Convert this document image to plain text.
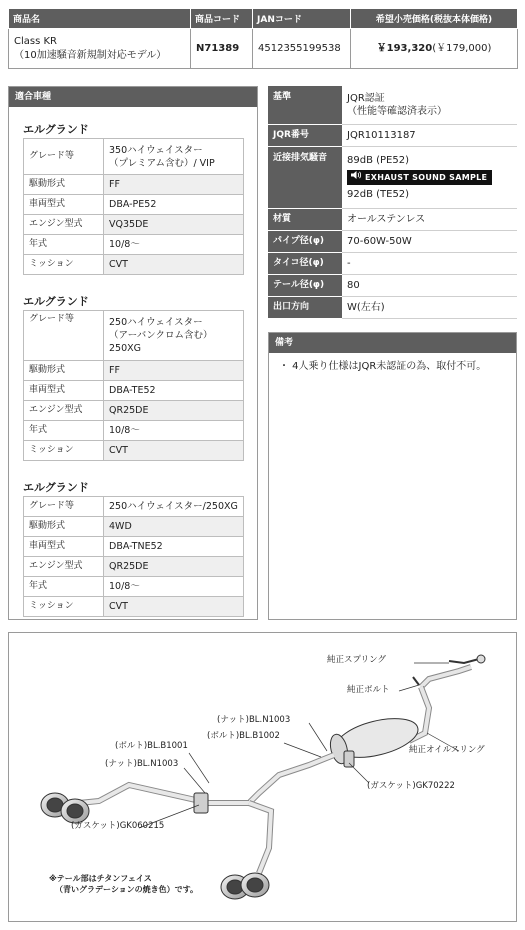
商品名	商品コード	JANコード	希望小売価格(税抜本体価格)

Class KR
（10加速騒音新規制対応モデル）	N71389	4512355199538	￥193,320(￥179,000)
適合車種
エルグランド
グレード等	350ハイウェイスター
（プレミアム含む）/ VIP
駆動形式	FF
車両型式	DBA-PE52
エンジン型式	VQ35DE
年式	10/8～
ミッション	CVT
エルグランド
グレード等	250ハイウェイスター
（アーバンクロム含む）
250XG
駆動形式	FF
車両型式	DBA-TE52
エンジン型式	QR25DE
年式	10/8～
ミッション	CVT
エルグランド
グレード等	250ハイウェイスター/250XG
駆動形式	4WD
車両型式	DBA-TNE52
エンジン型式	QR25DE
年式	10/8～
ミッション	CVT
基準	JQR認証
（性能等確認済表示）
JQR番号	JQR10113187
近接排気騒音	89dB (PE52)
EXHAUST SOUND SAMPLE
92dB (TE52)

材質	オールステンレス
パイプ径(φ)	70-60W-50W
タイコ径(φ)	-
テール径(φ)	80
出口方向	W(左右)
備考
・ 4人乗り仕様はJQR未認証の為、取付不可。
純正スプリング
純正ボルト
純正オイルスリング
(ガスケット)GK70222
(ナット)BL.N1003
(ボルト)BL.B1002
(ボルト)BL.B1001
(ナット)BL.N1003
(ガスケット)GK060215
※テール部はチタンフェイス
（青いグラデーションの焼き色）です。
